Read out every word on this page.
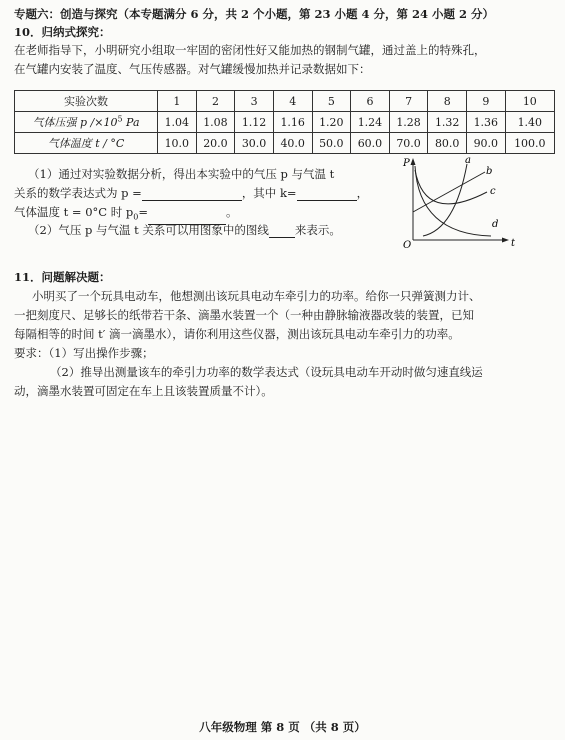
专题六：创造与探究（本专题满分 6 分，共 2 个小题，第 23 小题 4 分，第 24 小题 2 分）
10．归纳式探究：
在老师指导下，小明研究小组取一牢固的密闭性好又能加热的钢制气罐，通过盖上的特殊孔，
在气罐内安装了温度、气压传感器。对气罐缓慢加热并记录数据如下：
实验次数	1	2	3	4	5	6	7	8	9	10
气体压强 p $/\times 10^5$ Pa	1.04	1.08	1.12	1.16	1.20	1.24	1.28	1.32	1.36	1.40
气体温度 t / °C	10.0	20.0	30.0	40.0	50.0	60.0	70.0	80.0	90.0	100.0
（1）通过对实验数据分析，得出本实验中的气压 p 与气温 t
关系的数学表达式为 p =	，其中 k=	，
气体温度 t = 0°C 时 $p_0=$	。
（2）气压 p 与气温 t 关系可以用图象中的图线 来表示。
P
t
O
a
b
c
d
11．问题解决题：
小明买了一个玩具电动车，他想测出该玩具电动车牵引力的功率。给你一只弹簧测力计、
一把刻度尺、足够长的纸带若干条、滴墨水装置一个（一种由静脉输液器改装的装置，已知
每隔相等的时间 t′ 滴一滴墨水），请你利用这些仪器，测出该玩具电动车牵引力的功率。
要求：（1）写出操作步骤；
（2）推导出测量该车的牵引力功率的数学表达式（设玩具电动车开动时做匀速直线运
动，滴墨水装置可固定在车上且该装置质量不计）。
八年级物理 第 8 页 （共 8 页）
